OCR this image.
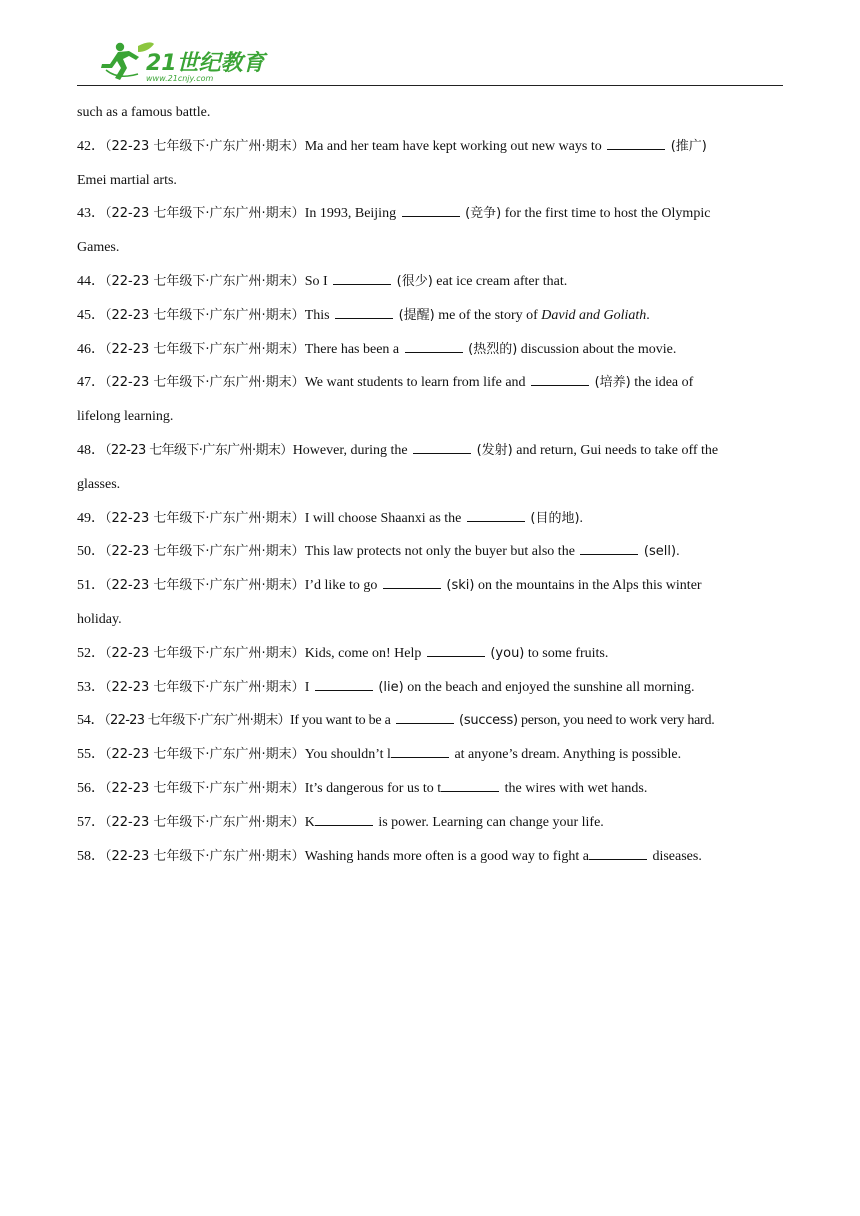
21世纪教育
www.21cnjy.com
such as a famous battle.
42．（22-23 七年级下·广东广州·期末）Ma and her team have kept working out new ways to	(推广)
Emei martial arts.
43．（22-23 七年级下·广东广州·期末）In 1993, Beijing	(竞争) for the first time to host the Olympic
Games.
44．（22-23 七年级下·广东广州·期末）So I	(很少) eat ice cream after that.
45．（22-23 七年级下·广东广州·期末）This	(提醒) me of the story of David and Goliath.
46．（22-23 七年级下·广东广州·期末）There has been a	(热烈的) discussion about the movie.
47．（22-23 七年级下·广东广州·期末）We want students to learn from life and	(培养) the idea of
lifelong learning.
48．（22-23 七年级下·广东广州·期末）However, during the	(发射) and return, Gui needs to take off the
glasses.
49．（22-23 七年级下·广东广州·期末）I will choose Shaanxi as the	(目的地).
50．（22-23 七年级下·广东广州·期末）This law protects not only the buyer but also the	(sell).
51．（22-23 七年级下·广东广州·期末）I’d like to go	(ski) on the mountains in the Alps this winter
holiday.
52．（22-23 七年级下·广东广州·期末）Kids, come on! Help	(you) to some fruits.
53．（22-23 七年级下·广东广州·期末）I	(lie) on the beach and enjoyed the sunshine all morning.
54．（22-23 七年级下·广东广州·期末）If you want to be a	(success) person, you need to work very hard.
55．（22-23 七年级下·广东广州·期末）You shouldn’t l	at anyone’s dream. Anything is possible.
56．（22-23 七年级下·广东广州·期末）It’s dangerous for us to t	the wires with wet hands.
57．（22-23 七年级下·广东广州·期末）K	is power. Learning can change your life.
58．（22-23 七年级下·广东广州·期末）Washing hands more often is a good way to fight a	diseases.
